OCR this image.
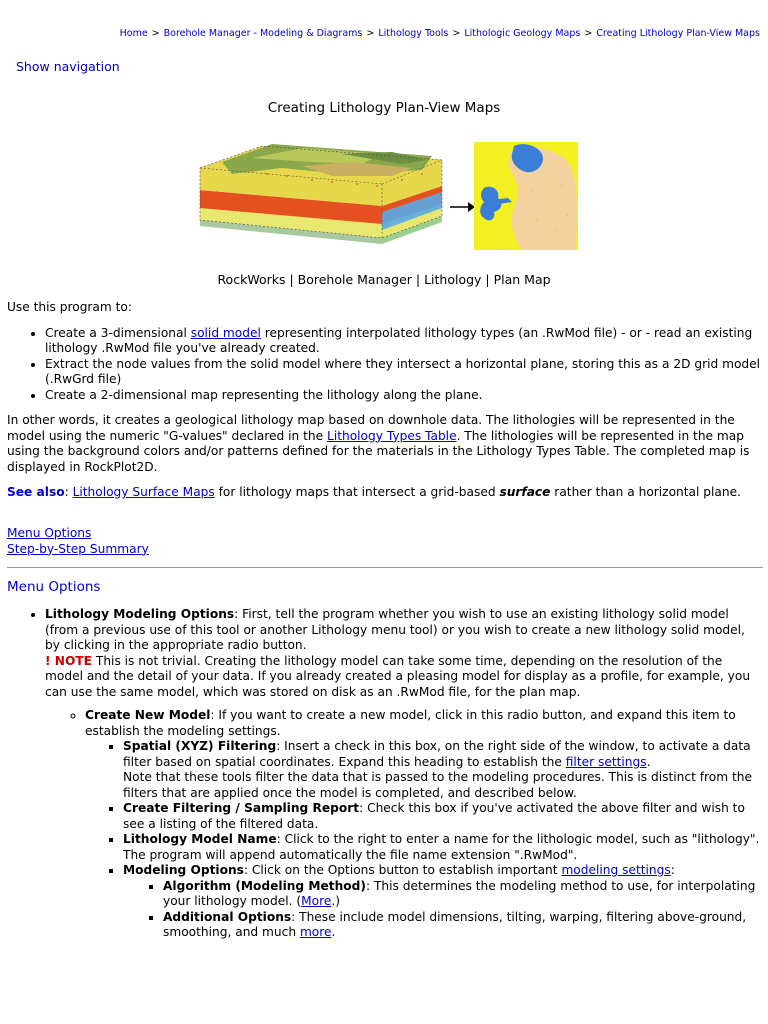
Home > Borehole Manager - Modeling & Diagrams > Lithology Tools > Lithologic Geology Maps > Creating Lithology Plan-View Maps
Show navigation
Creating Lithology Plan-View Maps
RockWorks | Borehole Manager | Lithology | Plan Map

Use this program to:

• Create a 3-dimensional solid model representing interpolated lithology types (an .RwMod file) - or - read an existing lithology .RwMod file you've already created.
• Extract the node values from the solid model where they intersect a horizontal plane, storing this as a 2D grid model (.RwGrd file)
• Create a 2-dimensional map representing the lithology along the plane.

In other words, it creates a geological lithology map based on downhole data. The lithologies will be represented in the model using the numeric "G-values" declared in the Lithology Types Table. The lithologies will be represented in the map using the background colors and/or patterns defined for the materials in the Lithology Types Table. The completed map is displayed in RockPlot2D.

See also: Lithology Surface Maps for lithology maps that intersect a grid-based surface rather than a horizontal plane.

Menu Options
Step-by-Step Summary
Menu Options
• Lithology Modeling Options: First, tell the program whether you wish to use an existing lithology solid model (from a previous use of this tool or another Lithology menu tool) or you wish to create a new lithology solid model, by clicking in the appropriate radio button.
! NOTE This is not trivial. Creating the lithology model can take some time, depending on the resolution of the model and the detail of your data. If you already created a pleasing model for display as a profile, for example, you can use the same model, which was stored on disk as an .RwMod file, for the plan map.
◦ Create New Model: If you want to create a new model, click in this radio button, and expand this item to establish the modeling settings.
▪ Spatial (XYZ) Filtering: Insert a check in this box, on the right side of the window, to activate a data filter based on spatial coordinates. Expand this heading to establish the filter settings.
Note that these tools filter the data that is passed to the modeling procedures. This is distinct from the filters that are applied once the model is completed, and described below.
▪ Create Filtering / Sampling Report: Check this box if you've activated the above filter and wish to see a listing of the filtered data.
▪ Lithology Model Name: Click to the right to enter a name for the lithologic model, such as "lithology". The program will append automatically the file name extension ".RwMod".
▪ Modeling Options: Click on the Options button to establish important modeling settings:
▪ Algorithm (Modeling Method): This determines the modeling method to use, for interpolating your lithology model. (More.)
▪ Additional Options: These include model dimensions, tilting, warping, filtering above-ground, smoothing, and much more.
